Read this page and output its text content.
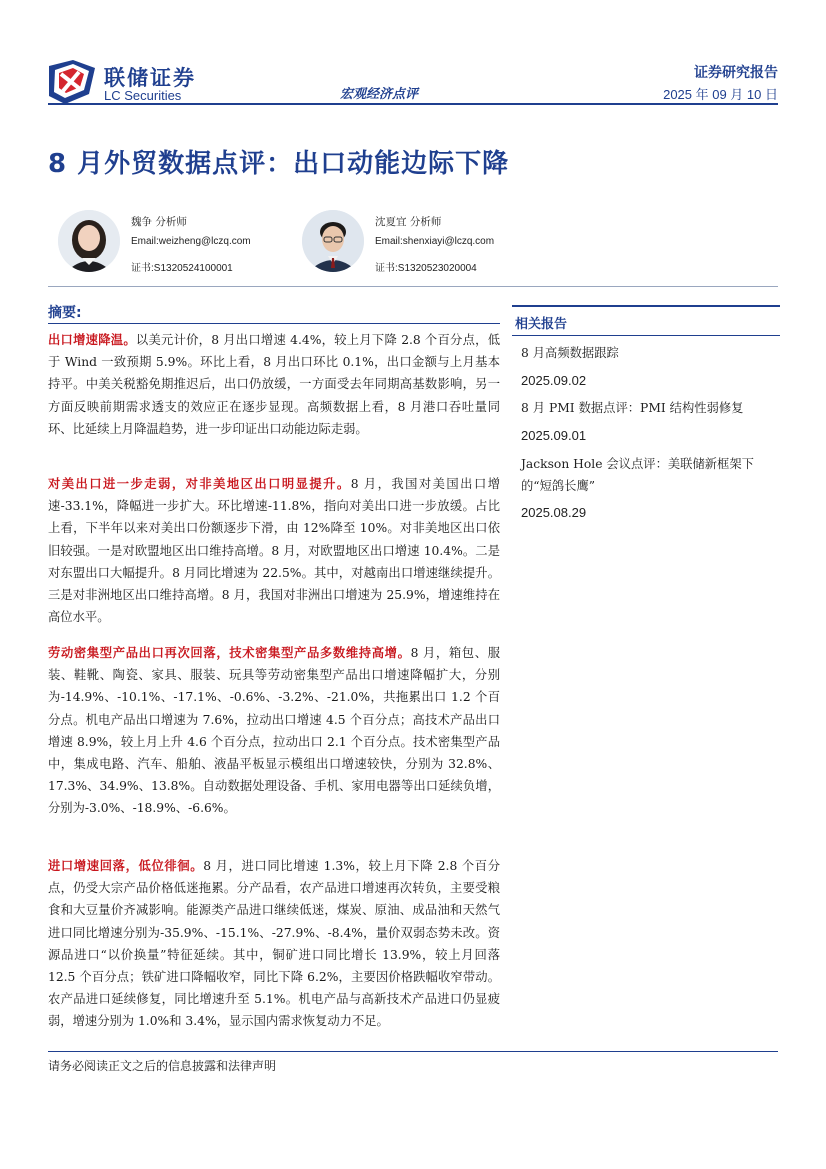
联储证券
LC Securities	宏观经济点评
证券研究报告
2025 年 09 月 10 日
8 月外贸数据点评：出口动能边际下降
魏争 分析师
Email:weizheng@lczq.com
证书:S1320524100001
沈夏宜 分析师
Email:shenxiayi@lczq.com
证书:S1320523020004
摘要:
出口增速降温。以美元计价，8 月出口增速 4.4%，较上月下降 2.8 个百分点，低于 Wind 一致预期 5.9%。环比上看，8 月出口环比 0.1%，出口金额与上月基本持平。中美关税豁免期推迟后，出口仍放缓，一方面受去年同期高基数影响，另一方面反映前期需求透支的效应正在逐步显现。高频数据上看，8 月港口吞吐量同环、比延续上月降温趋势，进一步印证出口动能边际走弱。
对美出口进一步走弱，对非美地区出口明显提升。8 月，我国对美国出口增速-33.1%，降幅进一步扩大。环比增速-11.8%，指向对美出口进一步放缓。占比上看，下半年以来对美出口份额逐步下滑，由 12%降至 10%。对非美地区出口依旧较强。一是对欧盟地区出口维持高增。8 月，对欧盟地区出口增速 10.4%。二是对东盟出口大幅提升。8 月同比增速为 22.5%。其中，对越南出口增速继续提升。三是对非洲地区出口维持高增。8 月，我国对非洲出口增速为 25.9%，增速维持在高位水平。
劳动密集型产品出口再次回落，技术密集型产品多数维持高增。8 月，箱包、服装、鞋靴、陶瓷、家具、服装、玩具等劳动密集型产品出口增速降幅扩大，分别为-14.9%、-10.1%、-17.1%、-0.6%、-3.2%、-21.0%，共拖累出口 1.2 个百分点。机电产品出口增速为 7.6%，拉动出口增速 4.5 个百分点；高技术产品出口增速 8.9%，较上月上升 4.6 个百分点，拉动出口 2.1 个百分点。技术密集型产品中，集成电路、汽车、船舶、液晶平板显示模组出口增速较快，分别为 32.8%、17.3%、34.9%、13.8%。自动数据处理设备、手机、家用电器等出口延续负增，分别为-3.0%、-18.9%、-6.6%。
进口增速回落，低位徘徊。8 月，进口同比增速 1.3%，较上月下降 2.8 个百分点，仍受大宗产品价格低迷拖累。分产品看，农产品进口增速再次转负，主要受粮食和大豆量价齐减影响。能源类产品进口继续低迷，煤炭、原油、成品油和天然气进口同比增速分别为-35.9%、-15.1%、-27.9%、-8.4%，量价双弱态势未改。资源品进口“以价换量”特征延续。其中，铜矿进口同比增长 13.9%，较上月回落 12.5 个百分点；铁矿进口降幅收窄，同比下降 6.2%，主要因价格跌幅收窄带动。农产品进口延续修复，同比增速升至 5.1%。机电产品与高新技术产品进口仍显疲弱，增速分别为 1.0%和 3.4%，显示国内需求恢复动力不足。
相关报告
8 月高频数据跟踪
2025.09.02
8 月 PMI 数据点评：PMI 结构性弱修复
2025.09.01
Jackson Hole 会议点评：美联储新框架下的“短鸽长鹰”
2025.08.29
请务必阅读正文之后的信息披露和法律声明
